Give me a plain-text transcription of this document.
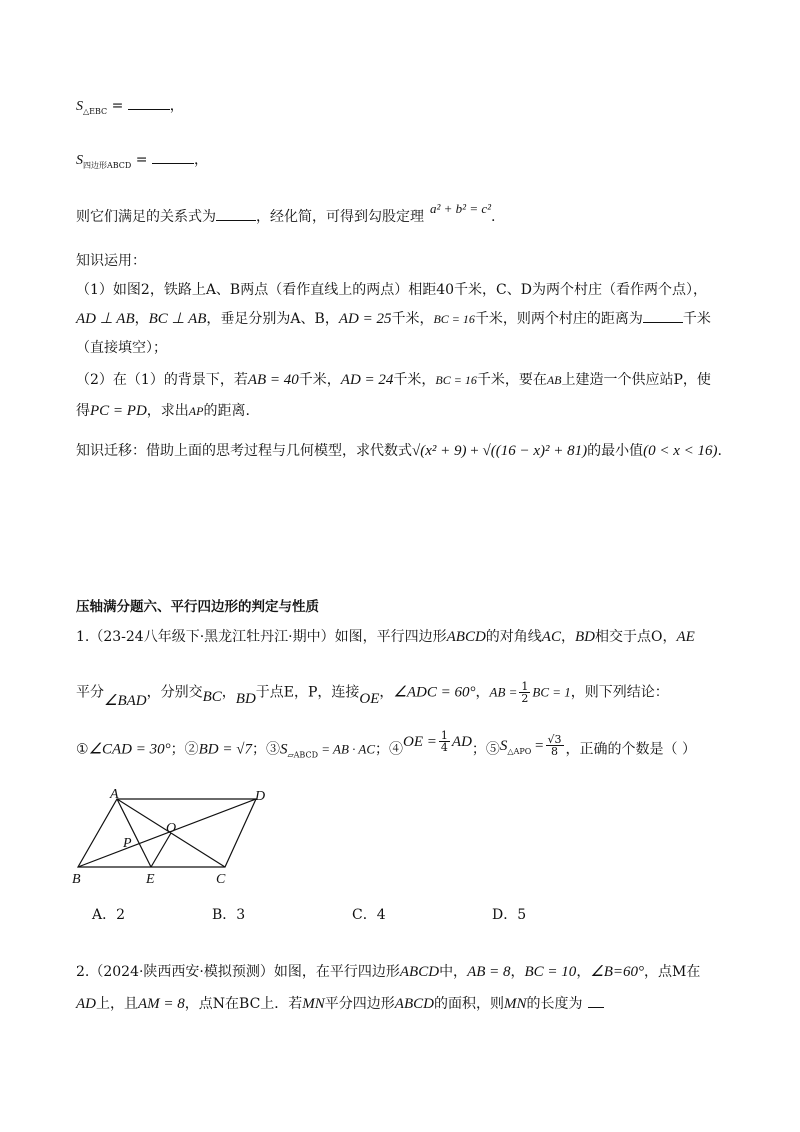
$S_{\triangle EBC}$ =	，
$S_{四边形ABCD}$ =	，
则它们满足的关系式为	，经化简，可得到勾股定理a² + b² = c².
知识运用：
（1）如图2，铁路上A、B两点（看作直线上的两点）相距40千米，C、D为两个村庄（看作两个点），
AD ⊥ AB，BC ⊥ AB，垂足分别为A、B，AD = 25千米，BC = 16千米，则两个村庄的距离为	千米
（直接填空）；
（2）在（1）的背景下，若AB = 40千米，AD = 24千米，BC = 16千米，要在AB上建造一个供应站P，使
得PC = PD，求出AP的距离.
知识迁移：借助上面的思考过程与几何模型，求代数式√(x² + 9) + √((16 − x)² + 81)的最小值(0 < x < 16).
压轴满分题六、平行四边形的判定与性质
1.（23-24八年级下·黑龙江牡丹江·期中）如图，平行四边形ABCD的对角线AC，BD相交于点O，AE
平分∠BAD，分别交BC，BD于点E，P，连接OE，∠ADC = 60°，AB = $\frac{1}{2}$ BC = 1，则下列结论：
①∠CAD = 30°；②BD = √7；$③S_{▱ABCD}$ = AB · AC；④OE = $\frac{1}{4}$ AD；$⑤S_{\triangle APO} = \frac{√3}{8}$ ，正确的个数是（ ）
A	D
B	E	C
O
P
A．2	B．3	C．4	D．5
2.（2024·陕西西安·模拟预测）如图，在平行四边形ABCD中，AB = 8，BC = 10，∠B=60°，点M在
AD上，且AM = 8，点N在BC上．若MN平分四边形ABCD的面积，则MN的长度为
